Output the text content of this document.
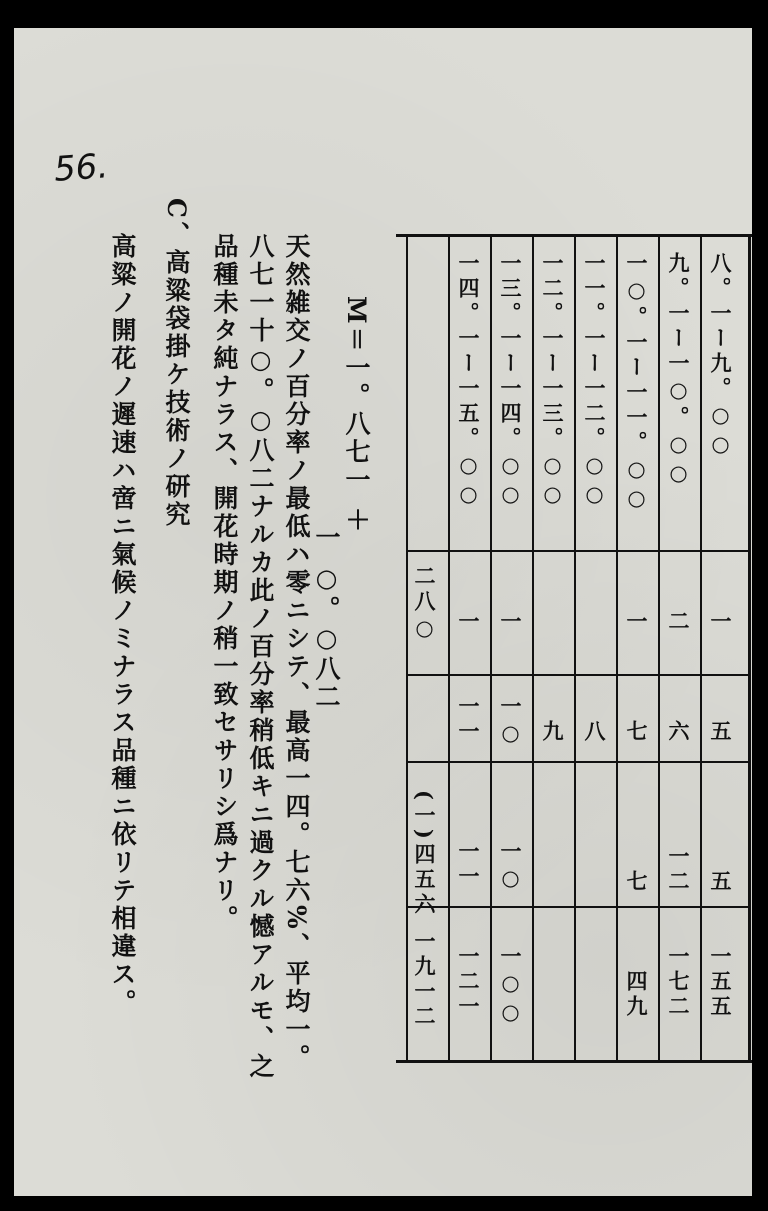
56.
M＝一。八七一 ＋
一 ○。○八二
天然雑交ノ百分率ノ最低ハ零ニシテ、最高一四。七六%、平均一。
八七一十○。○八二ナルカ此ノ百分率稍低キニ過クル憾アルモ、之
品種未タ純ナラス、開花時期ノ稍一致セサリシ爲ナリ。
C、高粱袋掛ケ技術ノ研究
高粱ノ開花ノ遲速ハ啻ニ氣候ノミナラス品種ニ依リテ相違ス。	八。一ー九。○○
一
五
五
一五五
九。一ー一○。○○
二
六
一二
一七二
一○。一ー一一。○○
一
七
七
四九
一一。一ー一二。○○
八
一二。一ー一三。○○
九
一三。一ー一四。○○
一
一○
一○
一○○
一四。一ー一五。○○
一
一一
一一
一二一
二八○
(一)四五六
一九一二
